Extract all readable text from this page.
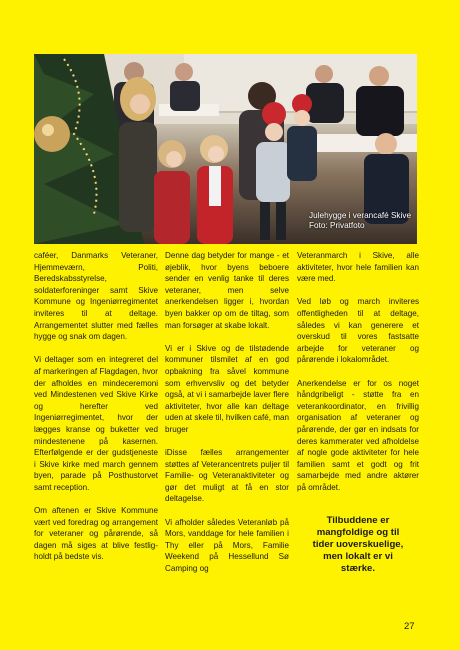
Julehygge i verancafé Skive
Foto: Privatfoto

caféer, Danmarks Veteraner, Hjemmeværn, Politi, Beredskabsstyrelse, soldaterforeninger samt Skive Kommune og Ingeniørregimentet inviteres til at deltage. Arrangementet slutter med fælles hygge og snak om dagen.

Vi deltager som en integreret del af markeringen af Flagdagen, hvor der afholdes en mindeceremoni ved Mindestenen ved Skive Kirke og herefter ved Ingeniørregimentet, hvor der lægges kranse og buketter ved mindestenene på kasernen. Efterfølgende er der gudstjeneste i Skive kirke med march gennem byen, parade på Posthustorvet samt reception.

Om aftenen er Skive Kommune vært ved foredrag og arrangement for veteraner og pårørende, så dagen må siges at blive festligholdt på bedste vis.

Denne dag betyder for mange - et øjeblik, hvor byens beboere sender en venlig tanke til deres veteraner, men selve anerkendelsen ligger i, hvordan byen bakker op om de tiltag, som man forsøger at skabe lokalt.

Vi er i Skive og de tilstødende kommuner tilsmilet af en god opbakning fra såvel kommune som erhvervsliv og det betyder også, at vi i samarbejde laver flere aktiviteter, hvor alle kan deltage uden at skele til, hvilken café, man bruger

iDisse fælles arrangementer støttes af Veterancentrets puljer til Familie- og Veteranaktiviteter og gør det muligt at få en stor deltagelse.

Vi afholder således Veteranløb på Mors, vanddage for hele familien i Thy eller på Mors, Familie Weekend på Hessellund Sø Camping og

Veteranmarch i Skive, alle aktiviteter, hvor hele familien kan være med.

Ved løb og march inviteres offentligheden til at deltage, således vi kan generere et overskud til vores fastsatte arbejde for veteraner og pårørende i lokalområdet.

Anerkendelse er for os noget håndgribeligt - støtte fra en veterankoordinator, en frivillig organisation af veteraner og pårørende, der gør en indsats for deres kammerater ved afholdelse af nogle gode aktiviteter for hele familien samt et godt og frit samarbejde med andre aktører på området.

Tilbuddene er

mangfoldige og til

tider uoverskuelige,

men lokalt er vi

stærke.

27
